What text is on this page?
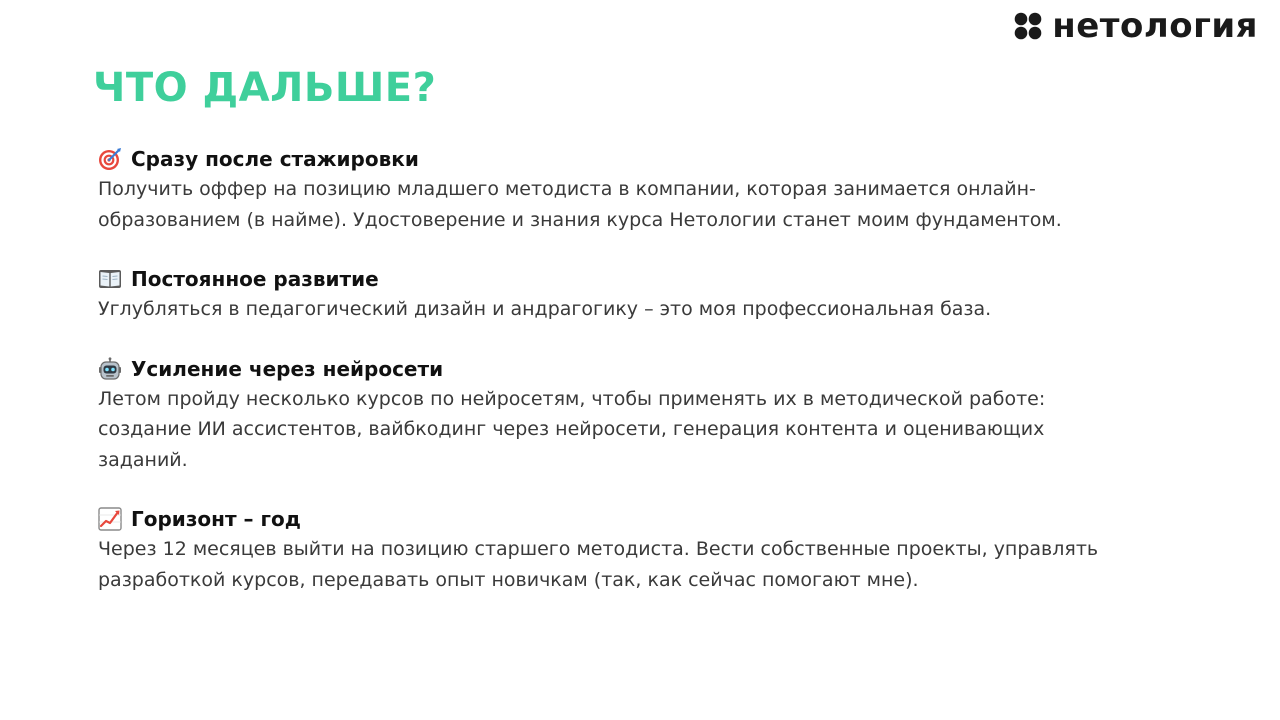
нетология
ЧТО ДАЛЬШЕ?
Сразу после стажировки

Получить оффер на позицию младшего методиста в компании, которая занимается онлайн-образованием (в найме). Удостоверение и знания курса Нетологии станет моим фундаментом.

Постоянное развитие

Углубляться в педагогический дизайн и андрагогику – это моя профессиональная база.

Усиление через нейросети

Летом пройду несколько курсов по нейросетям, чтобы применять их в методической работе: создание ИИ ассистентов, вайбкодинг через нейросети, генерация контента и оценивающих заданий.

Горизонт – год

Через 12 месяцев выйти на позицию старшего методиста. Вести собственные проекты, управлять разработкой курсов, передавать опыт новичкам (так, как сейчас помогают мне).
